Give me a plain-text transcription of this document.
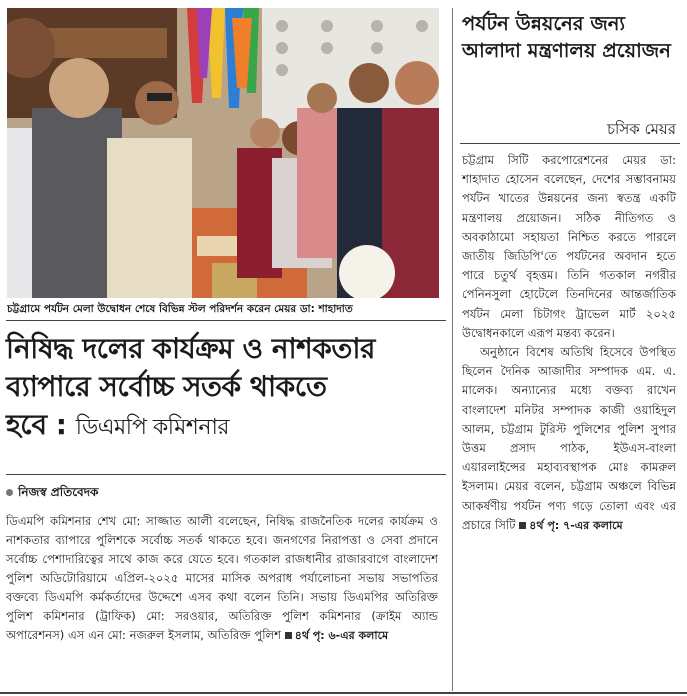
চট্টগ্রামে পর্যটন মেলা উদ্বোধন শেষে বিভিন্ন স্টল পরিদর্শন করেন মেয়র ডা: শাহাদাত
নিষিদ্ধ দলের কার্যক্রম ও নাশকতার
ব্যাপারে সর্বোচ্চ সতর্ক থাকতে
হবে : ডিএমপি কমিশনার
নিজস্ব প্রতিবেদক
ডিএমপি কমিশনার শেখ মো: সাজ্জাত আলী বলেছেন, নিষিদ্ধ রাজনৈতিক দলের কার্যক্রম ও নাশকতার ব্যাপারে পুলিশকে সর্বোচ্চ সতর্ক থাকতে হবে। জনগণের নিরাপত্তা ও সেবা প্রদানে সর্বোচ্চ পেশাদারিত্বের সাথে কাজ করে যেতে হবে। গতকাল রাজধানীর রাজারবাগে বাংলাদেশ পুলিশ অডিটোরিয়ামে এপ্রিল-২০২৫ মাসের মাসিক অপরাধ পর্যালোচনা সভায় সভাপতির বক্তব্যে ডিএমপি কর্মকর্তাদের উদ্দেশে এসব কথা বলেন তিনি। সভায় ডিএমপির অতিরিক্ত পুলিশ কমিশনার (ট্রাফিক) মো: সরওয়ার, অতিরিক্ত পুলিশ কমিশনার (ক্রাইম অ্যান্ড অপারেশনস) এস এন মো: নজরুল ইসলাম, অতিরিক্ত পুলিশ ৪র্থ পৃ: ৬-এর কলামে
পর্যটন উন্নয়নের জন্য আলাদা মন্ত্রণালয় প্রয়োজন
চসিক মেয়র

চট্টগ্রাম সিটি করপোরেশনের মেয়র ডা: শাহাদাত হোসেন বলেছেন, দেশের সম্ভাবনাময় পর্যটন খাতের উন্নয়নের জন্য স্বতন্ত্র একটি মন্ত্রণালয় প্রয়োজন। সঠিক নীতিগত ও অবকাঠামো সহায়তা নিশ্চিত করতে পারলে জাতীয় জিডিপি'তে পর্যটনের অবদান হতে পারে চতুর্থ বৃহত্তম। তিনি গতকাল নগরীর পেনিনসুলা হোটেলে তিনদিনের আন্তর্জাতিক পর্যটন মেলা চিটাগং ট্রাভেল মার্ট ২০২৫ উদ্বোধনকালে এরূপ মন্তব্য করেন।

অনুষ্ঠানে বিশেষ অতিথি হিসেবে উপস্থিত ছিলেন দৈনিক আজাদীর সম্পাদক এম. এ. মালেক। অন্যান্যের মধ্যে বক্তব্য রাখেন বাংলাদেশ মনিটর সম্পাদক কাজী ওয়াহিদুল আলম, চট্টগ্রাম টুরিস্ট পুলিশের পুলিশ সুপার উত্তম প্রসাদ পাঠক, ইউএস-বাংলা এয়ারলাইন্সের মহাব্যবস্থাপক মোঃ কামরুল ইসলাম। মেয়র বলেন, চট্টগ্রাম অঞ্চলে বিভিন্ন আকর্ষণীয় পর্যটন পণ্য গড়ে তোলা এবং এর প্রচারে সিটি ৪র্থ পৃ: ৭-এর কলামে
